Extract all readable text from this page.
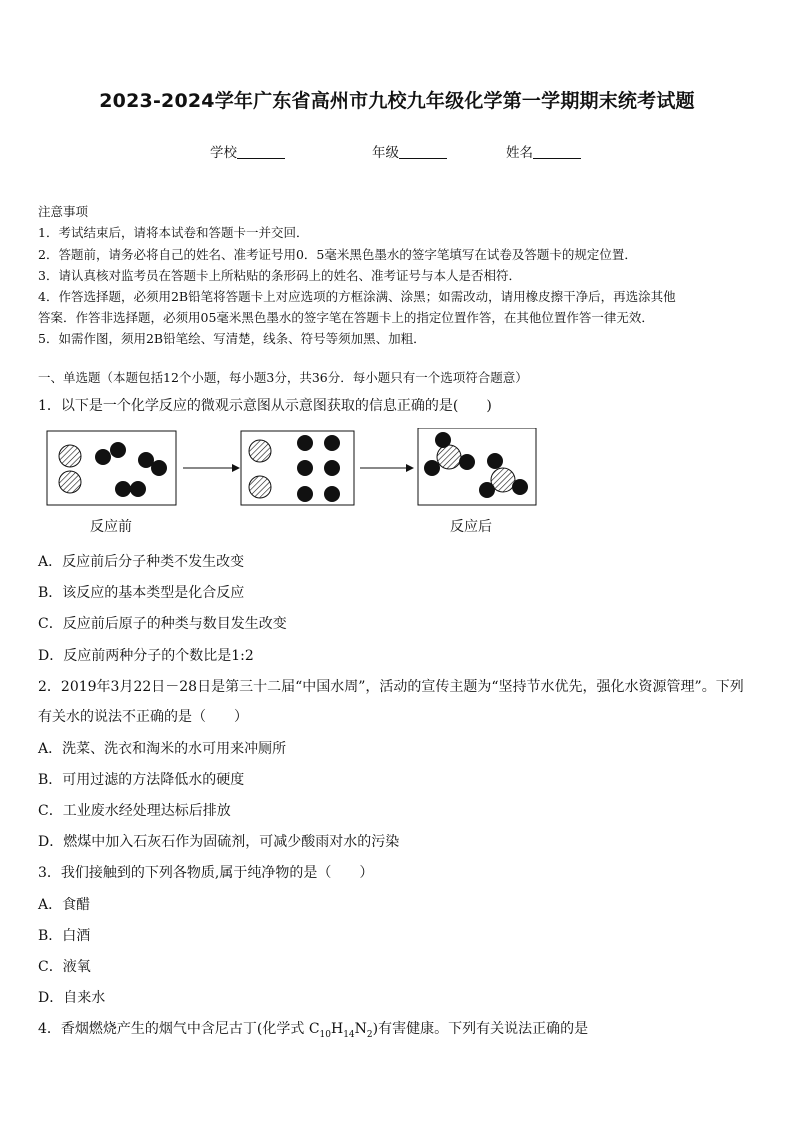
2023-2024学年广东省高州市九校九年级化学第一学期期末统考试题
学校	年级	姓名
注意事项
1．考试结束后，请将本试卷和答题卡一并交回．
2．答题前，请务必将自己的姓名、准考证号用0．5毫米黑色墨水的签字笔填写在试卷及答题卡的规定位置．
3．请认真核对监考员在答题卡上所粘贴的条形码上的姓名、准考证号与本人是否相符．
4．作答选择题，必须用2B铅笔将答题卡上对应选项的方框涂满、涂黑；如需改动，请用橡皮擦干净后，再选涂其他
答案．作答非选择题，必须用05毫米黑色墨水的签字笔在答题卡上的指定位置作答，在其他位置作答一律无效．
5．如需作图，须用2B铅笔绘、写清楚，线条、符号等须加黑、加粗．
一、单选题（本题包括12个小题，每小题3分，共36分．每小题只有一个选项符合题意）
1．以下是一个化学反应的微观示意图从示意图获取的信息正确的是(　　)
反应前	反应后
A．反应前后分子种类不发生改变
B．该反应的基本类型是化合反应
C．反应前后原子的种类与数目发生改变
D．反应前两种分子的个数比是1:2
2．2019年3月22日－28日是第三十二届“中国水周”，活动的宣传主题为“坚持节水优先，强化水资源管理”。下列
有关水的说法不正确的是（　　）
A．洗菜、洗衣和淘米的水可用来冲厕所
B．可用过滤的方法降低水的硬度
C．工业废水经处理达标后排放
D．燃煤中加入石灰石作为固硫剂，可减少酸雨对水的污染
3．我们接触到的下列各物质,属于纯净物的是（　　）
A．食醋
B．白酒
C．液氧
D．自来水
4．香烟燃烧产生的烟气中含尼古丁(化学式 $C_{10}H_{14}N_2$)有害健康。下列有关说法正确的是
